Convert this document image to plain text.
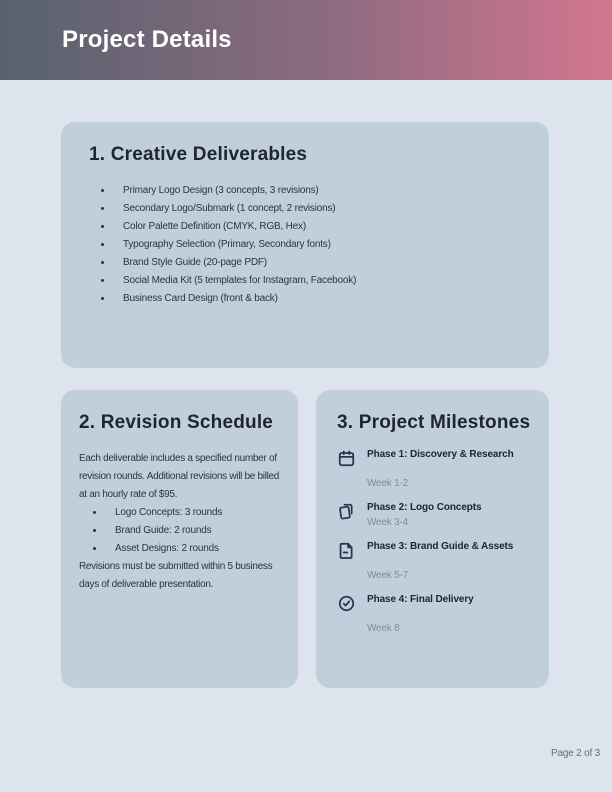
Project Details
1. Creative Deliverables
• Primary Logo Design (3 concepts, 3 revisions)
• Secondary Logo/Submark (1 concept, 2 revisions)
• Color Palette Definition (CMYK, RGB, Hex)
• Typography Selection (Primary, Secondary fonts)
• Brand Style Guide (20-page PDF)
• Social Media Kit (5 templates for Instagram, Facebook)
• Business Card Design (front & back)
2. Revision Schedule

Each deliverable includes a specified number of revision rounds. Additional revisions will be billed at an hourly rate of $95.

• Logo Concepts: 3 rounds
• Brand Guide: 2 rounds
• Asset Designs: 2 rounds

Revisions must be submitted within 5 business days of deliverable presentation.

3. Project Milestones
Phase 1: Discovery & Research
Week 1-2
Phase 2: Logo Concepts
Week 3-4
Phase 3: Brand Guide & Assets
Week 5-7
Phase 4: Final Delivery
Week 8
Page 2 of 3
